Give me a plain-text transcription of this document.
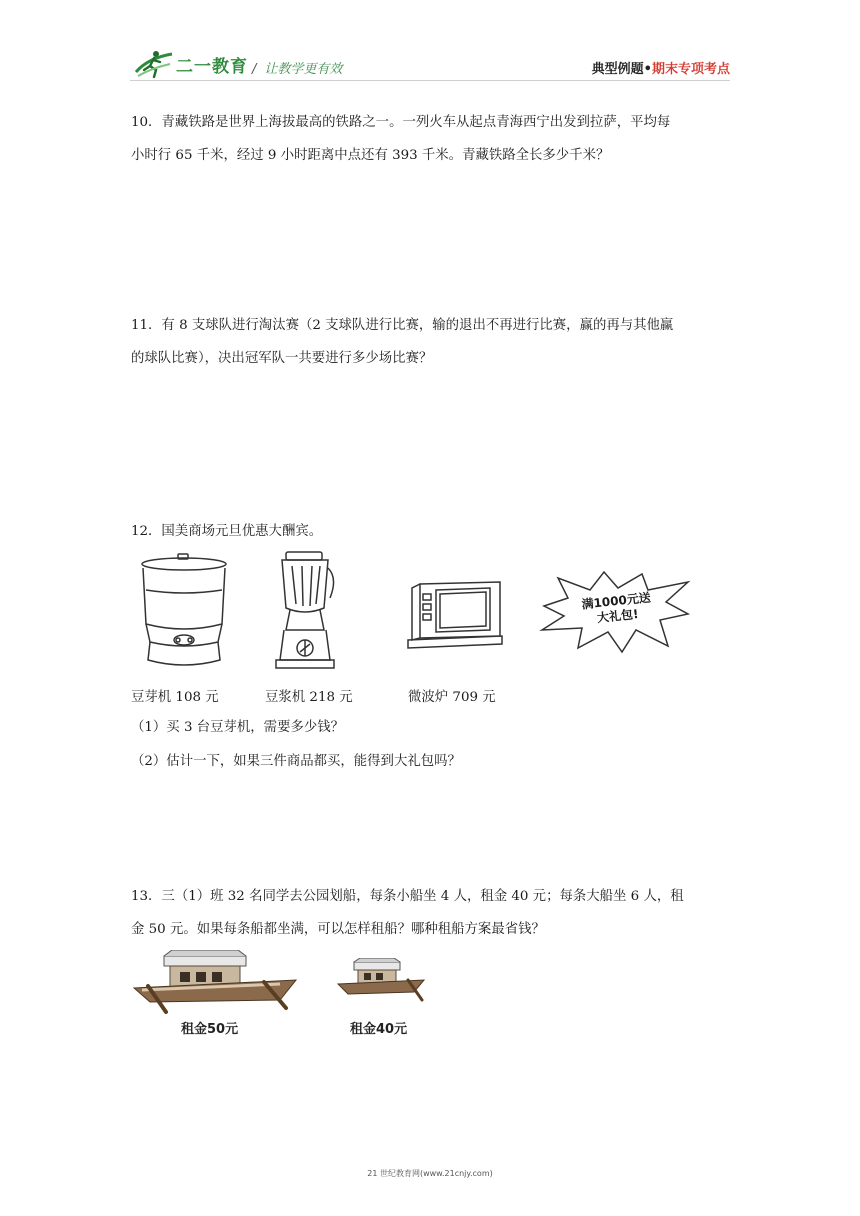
二一教育 / 让教学更有效	典型例题•期末专项考点
10．青藏铁路是世界上海拔最高的铁路之一。一列火车从起点青海西宁出发到拉萨，平均每
小时行 65 千米，经过 9 小时距离中点还有 393 千米。青藏铁路全长多少千米？
11．有 8 支球队进行淘汰赛（2 支球队进行比赛，输的退出不再进行比赛，赢的再与其他赢
的球队比赛），决出冠军队一共要进行多少场比赛？
12．国美商场元旦优惠大酬宾。
豆芽机 108 元	豆浆机 218 元	微波炉 709 元
满1000元送
大礼包!
（1）买 3 台豆芽机，需要多少钱？
（2）估计一下，如果三件商品都买，能得到大礼包吗？
13．三（1）班 32 名同学去公园划船，每条小船坐 4 人，租金 40 元；每条大船坐 6 人，租
金 50 元。如果每条船都坐满，可以怎样租船？哪种租船方案最省钱？
租金50元	租金40元
21 世纪教育网(www.21cnjy.com)
